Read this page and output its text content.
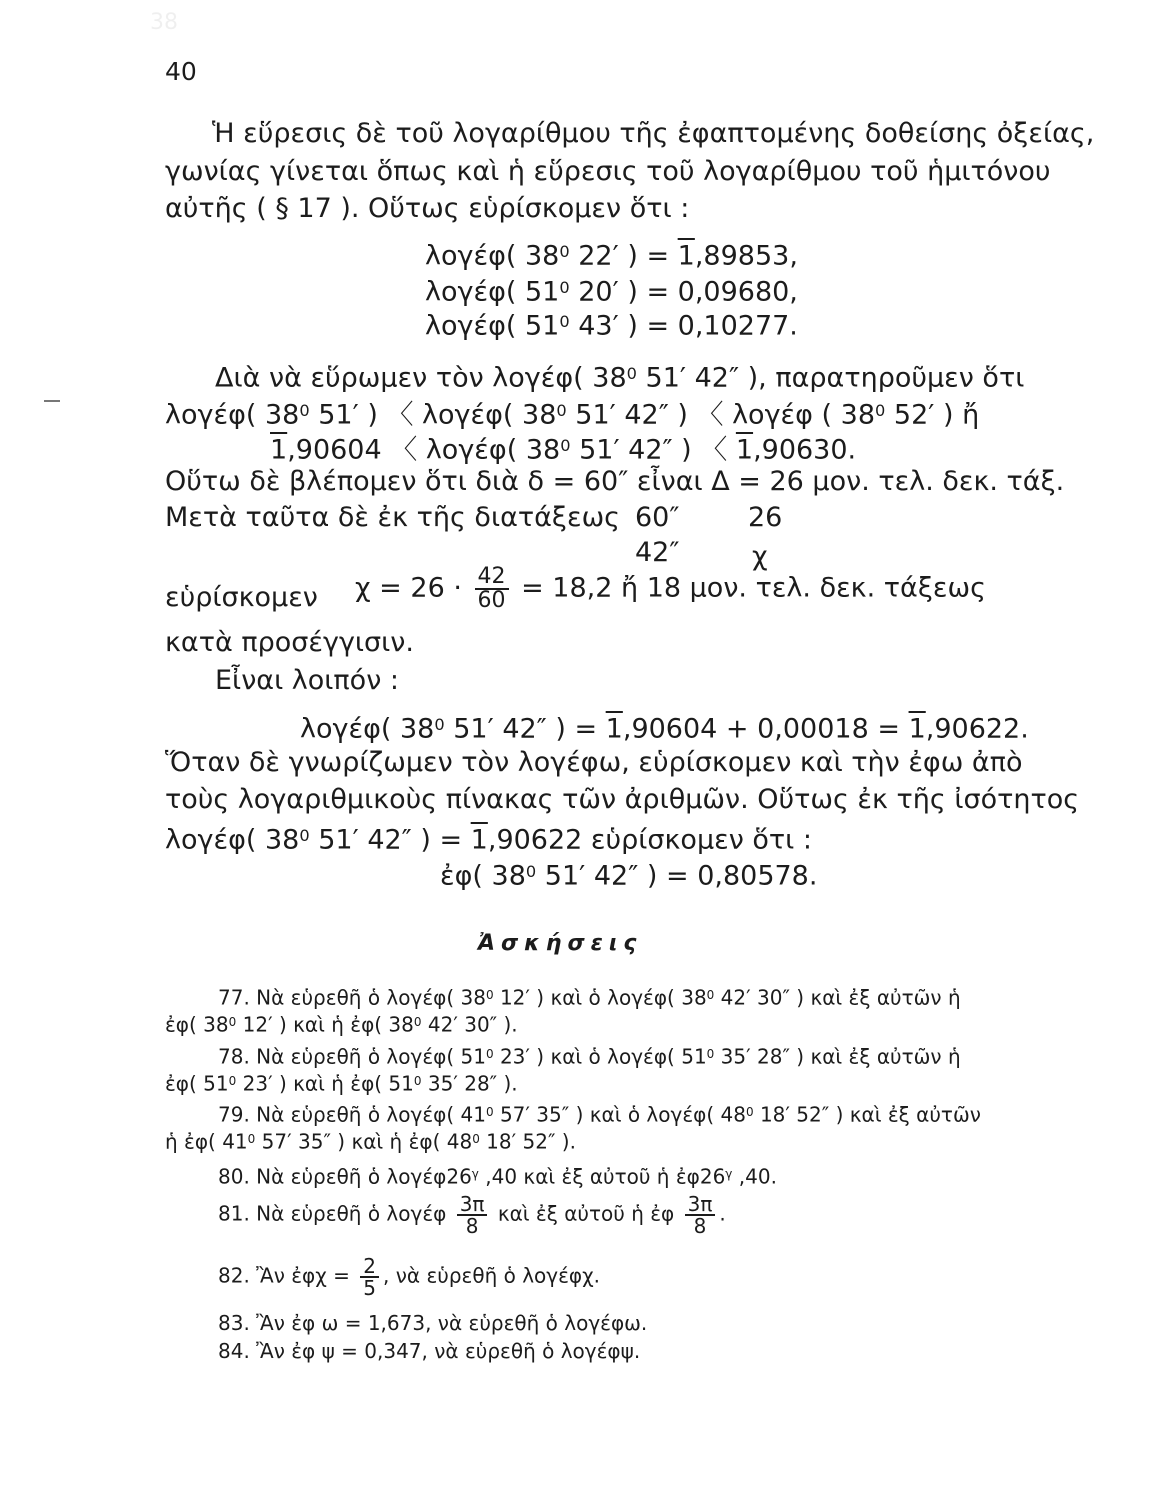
38
40
Ἡ εὕρεσις δὲ τοῦ λογαρίθμου τῆς ἐφαπτομένης δοθείσης ὀξείας,
γωνίας γίνεται ὅπως καὶ ἡ εὕρεσις τοῦ λογαρίθμου τοῦ ἡμιτόνου
αὐτῆς ( § 17 ). Οὕτως εὑρίσκομεν ὅτι :
λογέφ( $38^0$ 22′ ) = 1,89853,
λογέφ( $51^0$ 20′ ) = 0,09680,
λογέφ( $51^0$ 43′ ) = 0,10277.
Διὰ νὰ εὕρωμεν τὸν λογέφ( $38^0$ 51′ 42″ ), παρατηροῦμεν ὅτι
λογέφ( $38^0$ 51′ ) 〈 λογέφ( $38^0$ 51′ 42″ ) 〈 λογέφ ( $38^0$ 52′ ) ἤ
1,90604 〈 λογέφ( $38^0$ 51′ 42″ ) 〈 1,90630.
Οὕτω δὲ βλέπομεν ὅτι διὰ δ = 60″ εἶναι Δ = 26 μον. τελ. δεκ. τάξ.
Μετὰ ταῦτα δὲ ἐκ τῆς διατάξεως 60″	26
42″	χ
εὑρίσκομεν $\chi = 26 \cdot \frac{42}{60} = 18,2$ ἤ 18 μον. τελ. δεκ. τάξεως
κατὰ προσέγγισιν.
Εἶναι λοιπόν :
λογέφ( $38^0$ 51′ 42″ ) = 1,90604 + 0,00018 = 1,90622.
Ὅταν δὲ γνωρίζωμεν τὸν λογέφω, εὑρίσκομεν καὶ τὴν ἐφω ἀπὸ
τοὺς λογαριθμικοὺς πίνακας τῶν ἀριθμῶν. Οὕτως ἐκ τῆς ἰσότητος
λογέφ( $38^0$ 51′ 42″ ) = 1,90622 εὑρίσκομεν ὅτι :
ἐφ( $38^0$ 51′ 42″ ) = 0,80578.
Ἀσκήσεις
77. Νὰ εὑρεθῆ ὁ λογέφ( $38^0$ 12′ ) καὶ ὁ λογέφ( $38^0$ 42′ 30″ ) καὶ ἐξ αὐτῶν ἡ
ἐφ( $38^0$ 12′ ) καὶ ἡ ἐφ( $38^0$ 42′ 30″ ).
78. Νὰ εὑρεθῆ ὁ λογέφ( $51^0$ 23′ ) καὶ ὁ λογέφ( $51^0$ 35′ 28″ ) καὶ ἐξ αὐτῶν ἡ
ἐφ( $51^0$ 23′ ) καὶ ἡ ἐφ( $51^0$ 35′ 28″ ).
79. Νὰ εὑρεθῆ ὁ λογέφ( $41^0$ 57′ 35″ ) καὶ ὁ λογέφ( $48^0$ 18′ 52″ ) καὶ ἐξ αὐτῶν
ἡ ἐφ( $41^0$ 57′ 35″ ) καὶ ἡ ἐφ( $48^0$ 18′ 52″ ).
80. Νὰ εὑρεθῆ ὁ $\lambda o\gamma έ\varphi 26^\gamma$ ,40 καὶ ἐξ αὐτοῦ ἡ $ἐ\varphi 26^\gamma$ ,40.
81. Νὰ εὑρεθῆ ὁ λογέφ $\frac{3\pi}{8}$ καὶ ἐξ αὐτοῦ ἡ ἐφ $\frac{3\pi}{8}$ .
82. Ἂν ἐφχ = $\frac{2}{5}$ , νὰ εὑρεθῆ ὁ λογέφχ.
83. Ἂν ἐφ ω = 1,673, νὰ εὑρεθῆ ὁ λογέφω.
84. Ἂν ἐφ ψ = 0,347, νὰ εὑρεθῆ ὁ λογέφψ.
